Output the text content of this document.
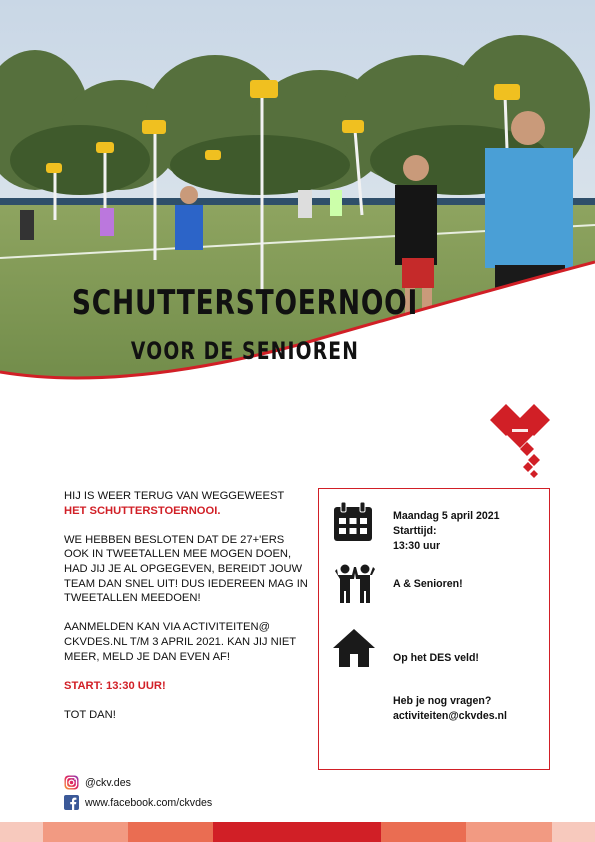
SCHUTTERSTOERNOOI
VOOR DE SENIOREN

HIJ IS WEER TERUG VAN WEGGEWEEST
HET SCHUTTERSTOERNOOI.

WE HEBBEN BESLOTEN DAT DE 27+'ERS OOK IN TWEETALLEN MEE MOGEN DOEN, HAD JIJ JE AL OPGEGEVEN, BEREIDT JOUW TEAM DAN SNEL UIT! DUS IEDEREEN MAG IN TWEETALLEN MEEDOEN!

AANMELDEN KAN VIA ACTIVITEITEN@ CKVDES.NL T/M 3 APRIL 2021. KAN JIJ NIET MEER, MELD JE DAN EVEN AF!

START: 13:30 UUR!

TOT DAN!

Maandag 5 april 2021
Starttijd:
13:30 uur
A & Senioren!
Op het DES veld!
Heb je nog vragen?
activiteiten@ckvdes.nl
@ckv.des
www.facebook.com/ckvdes
